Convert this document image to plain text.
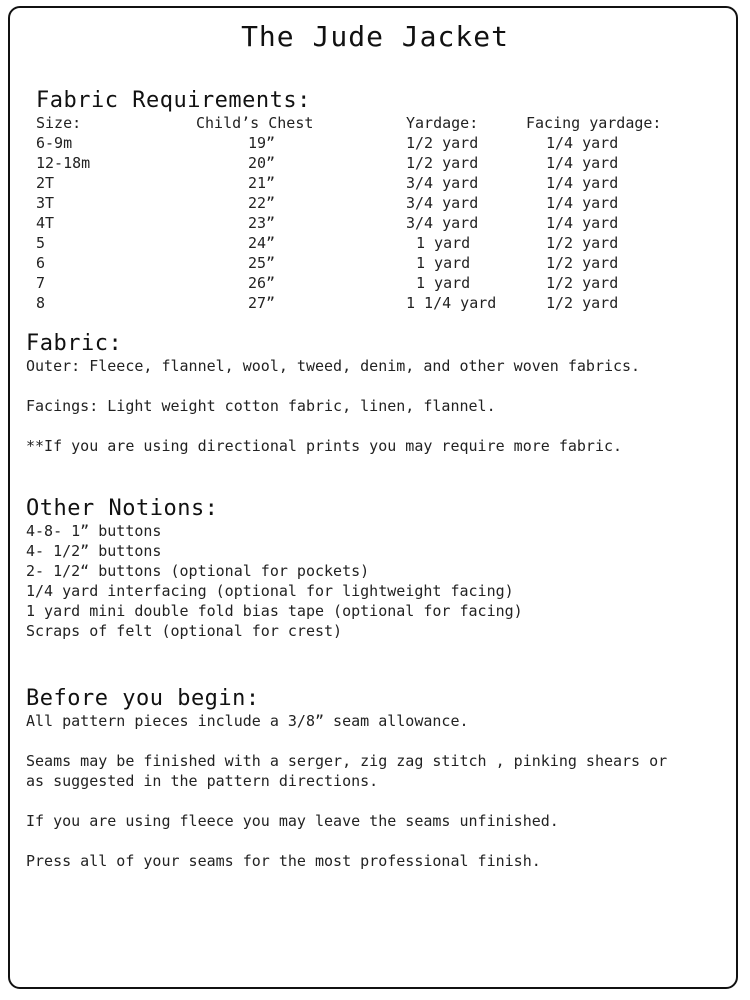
The Jude Jacket
Fabric Requirements:
Size:	Child’s Chest	Yardage:	Facing yardage:
6-9m	19”	1/2 yard	1/4 yard
12-18m	20”	1/2 yard	1/4 yard
2T	21”	3/4 yard	1/4 yard
3T	22”	3/4 yard	1/4 yard
4T	23”	3/4 yard	1/4 yard
5	24”	1 yard	1/2 yard
6	25”	1 yard	1/2 yard
7	26”	1 yard	1/2 yard
8	27”	1 1/4 yard	1/2 yard
Fabric:
Outer: Fleece, flannel, wool, tweed, denim, and other woven fabrics.
Facings: Light weight cotton fabric, linen, flannel.
**If you are using directional prints you may require more fabric.
Other Notions:
4-8- 1” buttons
4- 1/2” buttons
2- 1/2“ buttons (optional for pockets)
1/4 yard interfacing (optional for lightweight facing)
1 yard mini double fold bias tape (optional for facing)
Scraps of felt (optional for crest)
Before you begin:
All pattern pieces include a 3/8” seam allowance.
Seams may be finished with a serger, zig zag stitch , pinking shears or
as suggested in the pattern directions.
If you are using fleece you may leave the seams unfinished.
Press all of your seams for the most professional finish.
